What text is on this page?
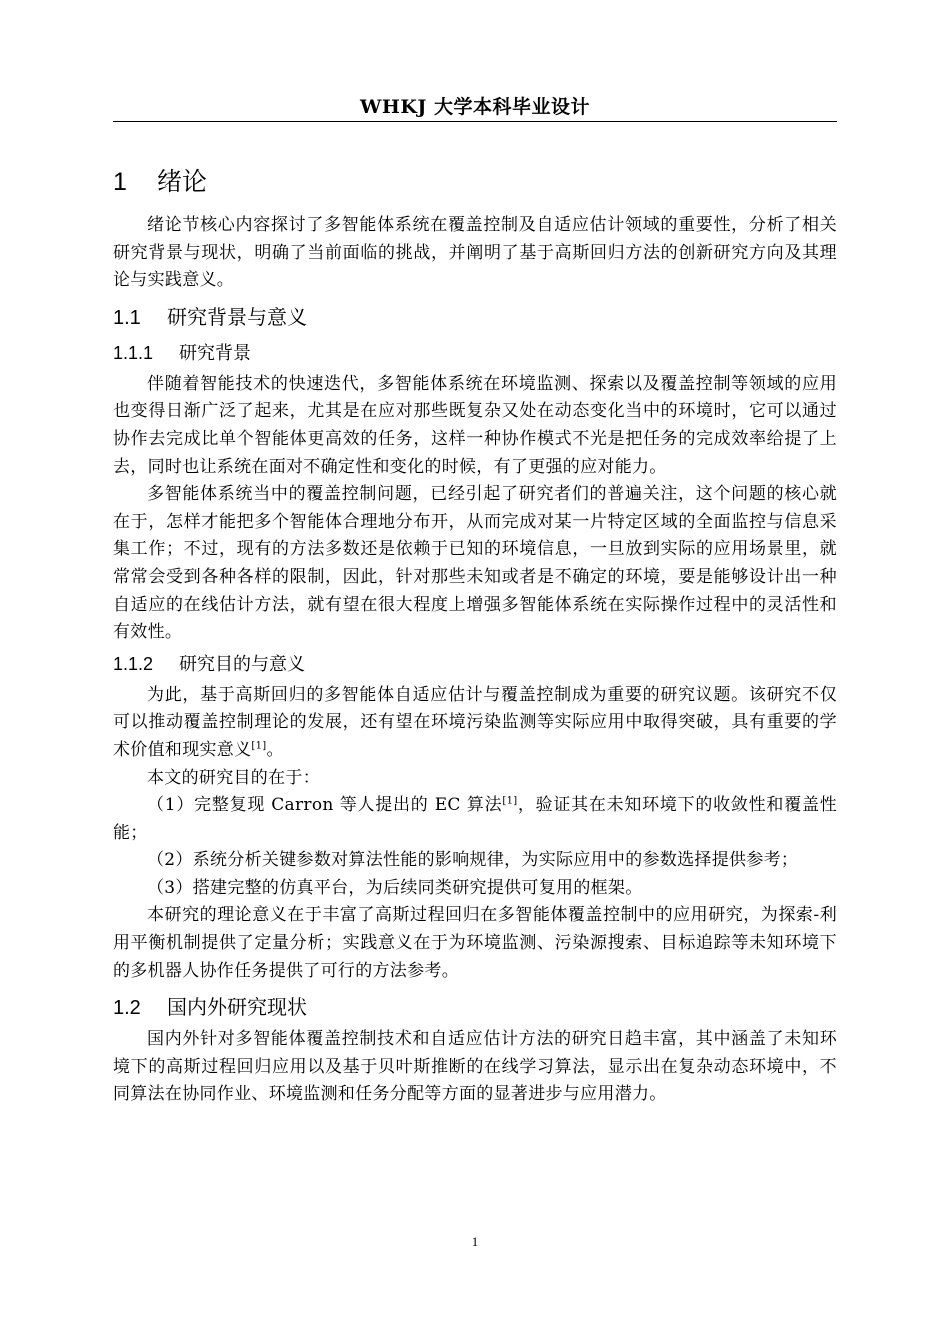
WHKJ 大学本科毕业设计
1 绪论

绪论节核心内容探讨了多智能体系统在覆盖控制及自适应估计领域的重要性，分析了相关研究背景与现状，明确了当前面临的挑战，并阐明了基于高斯回归方法的创新研究方向及其理论与实践意义。

1.1 研究背景与意义
1.1.1 研究背景

伴随着智能技术的快速迭代，多智能体系统在环境监测、探索以及覆盖控制等领域的应用也变得日渐广泛了起来，尤其是在应对那些既复杂又处在动态变化当中的环境时，它可以通过协作去完成比单个智能体更高效的任务，这样一种协作模式不光是把任务的完成效率给提了上去，同时也让系统在面对不确定性和变化的时候，有了更强的应对能力。

多智能体系统当中的覆盖控制问题，已经引起了研究者们的普遍关注，这个问题的核心就在于，怎样才能把多个智能体合理地分布开，从而完成对某一片特定区域的全面监控与信息采集工作；不过，现有的方法多数还是依赖于已知的环境信息，一旦放到实际的应用场景里，就常常会受到各种各样的限制，因此，针对那些未知或者是不确定的环境，要是能够设计出一种自适应的在线估计方法，就有望在很大程度上增强多智能体系统在实际操作过程中的灵活性和有效性。

1.1.2 研究目的与意义

为此，基于高斯回归的多智能体自适应估计与覆盖控制成为重要的研究议题。该研究不仅可以推动覆盖控制理论的发展，还有望在环境污染监测等实际应用中取得突破，具有重要的学术价值和现实意义[1]。

本文的研究目的在于：

（1）完整复现 Carron 等人提出的 EC 算法[1]，验证其在未知环境下的收敛性和覆盖性能；

（2）系统分析关键参数对算法性能的影响规律，为实际应用中的参数选择提供参考；

（3）搭建完整的仿真平台，为后续同类研究提供可复用的框架。

本研究的理论意义在于丰富了高斯过程回归在多智能体覆盖控制中的应用研究，为探索-利用平衡机制提供了定量分析；实践意义在于为环境监测、污染源搜索、目标追踪等未知环境下的多机器人协作任务提供了可行的方法参考。

1.2 国内外研究现状

国内外针对多智能体覆盖控制技术和自适应估计方法的研究日趋丰富，其中涵盖了未知环境下的高斯过程回归应用以及基于贝叶斯推断的在线学习算法，显示出在复杂动态环境中，不同算法在协同作业、环境监测和任务分配等方面的显著进步与应用潜力。

1
